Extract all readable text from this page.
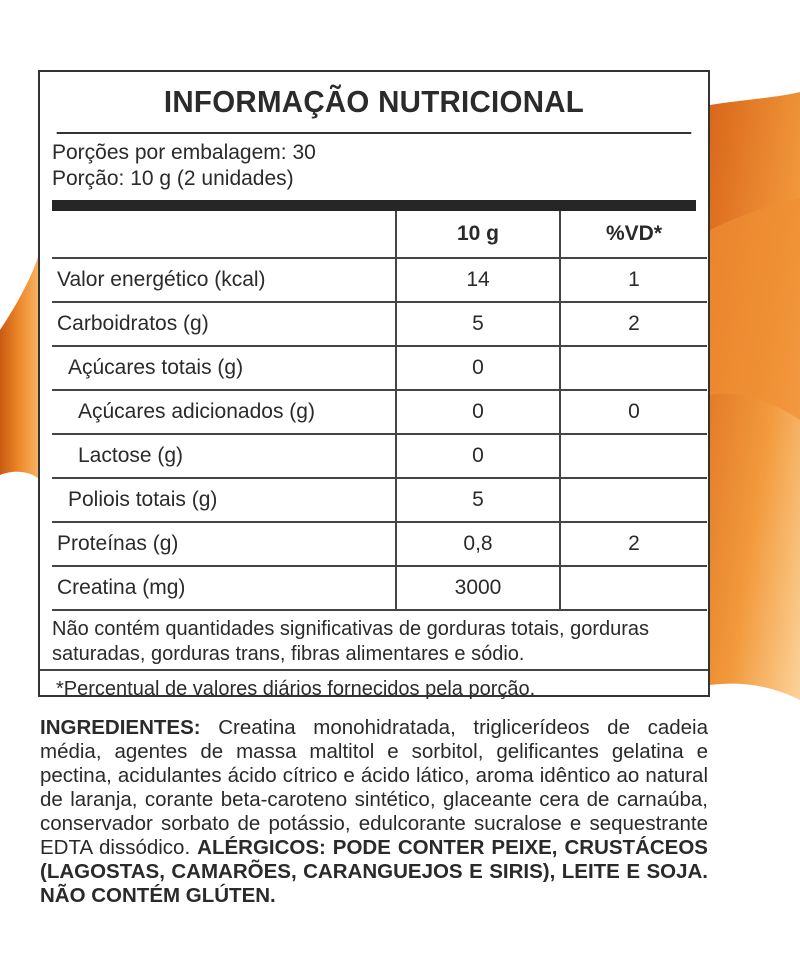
INFORMAÇÃO NUTRICIONAL
Porções por embalagem: 30
Porção: 10 g (2 unidades)
	10 g	%VD*
Valor energético (kcal)	14	1
Carboidratos (g)	5	2
Açúcares totais (g)	0	
Açúcares adicionados (g)	0	0
Lactose (g)	0	
Poliois totais (g)	5	
Proteínas (g)	0,8	2
Creatina (mg)	3000	
Não contém quantidades significativas de gorduras totais, gorduras saturadas, gorduras trans, fibras alimentares e sódio.
*Percentual de valores diários fornecidos pela porção.
INGREDIENTES: Creatina monohidratada, triglicerídeos de cadeia média, agentes de massa maltitol e sorbitol, gelificantes gelatina e pectina, acidulantes ácido cítrico e ácido lático, aroma idêntico ao natural de laranja, corante beta-caroteno sintético, glaceante cera de carnaúba, conservador sorbato de potássio, edulcorante sucralose e sequestrante EDTA dissódico. ALÉRGICOS: PODE CONTER PEIXE, CRUSTÁCEOS (LAGOSTAS, CAMARÕES, CARANGUEJOS E SIRIS), LEITE E SOJA. NÃO CONTÉM GLÚTEN.
